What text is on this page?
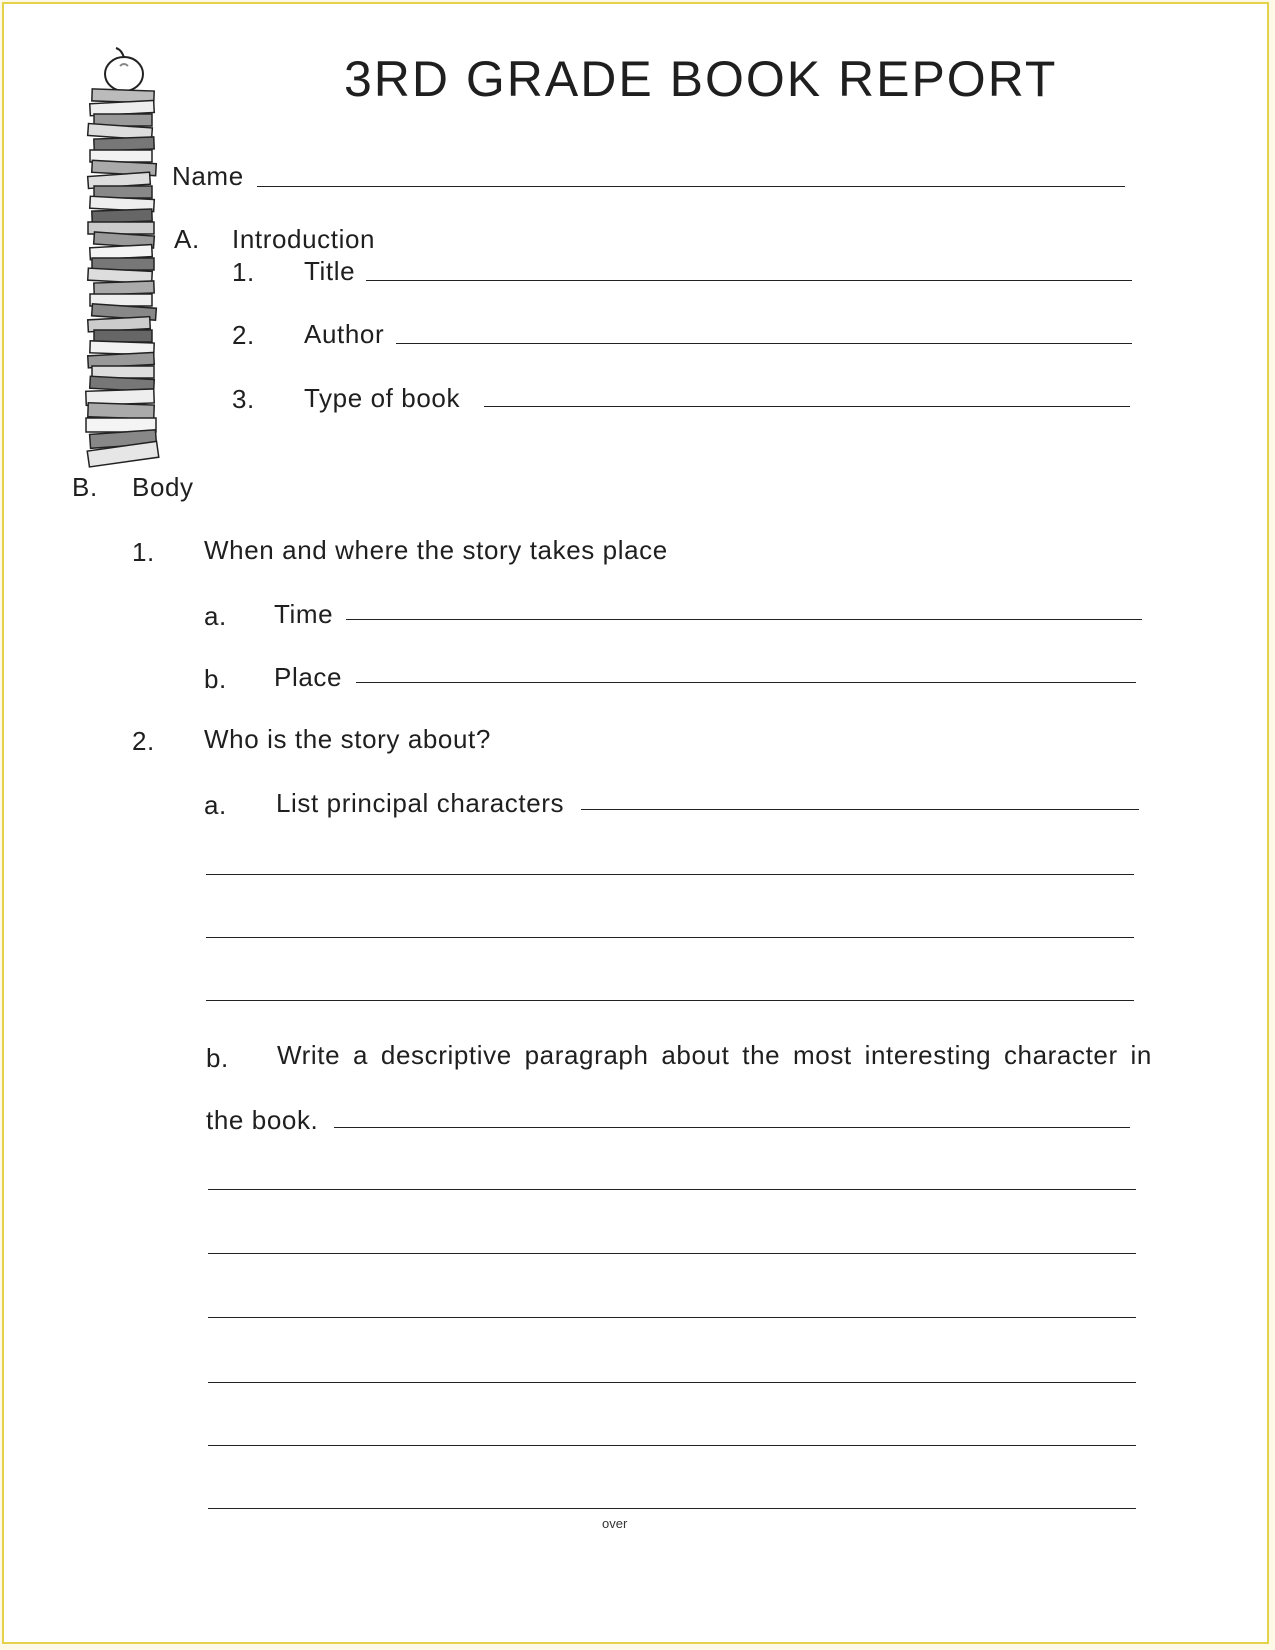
3RD GRADE BOOK REPORT
Name
A. Introduction
1. Title
2. Author
3. Type of book
B. Body
1. When and where the story takes place
a. Time
b. Place
2. Who is the story about?
a. List principal characters
b. Write a descriptive paragraph about the most interesting character in
the book.
over
